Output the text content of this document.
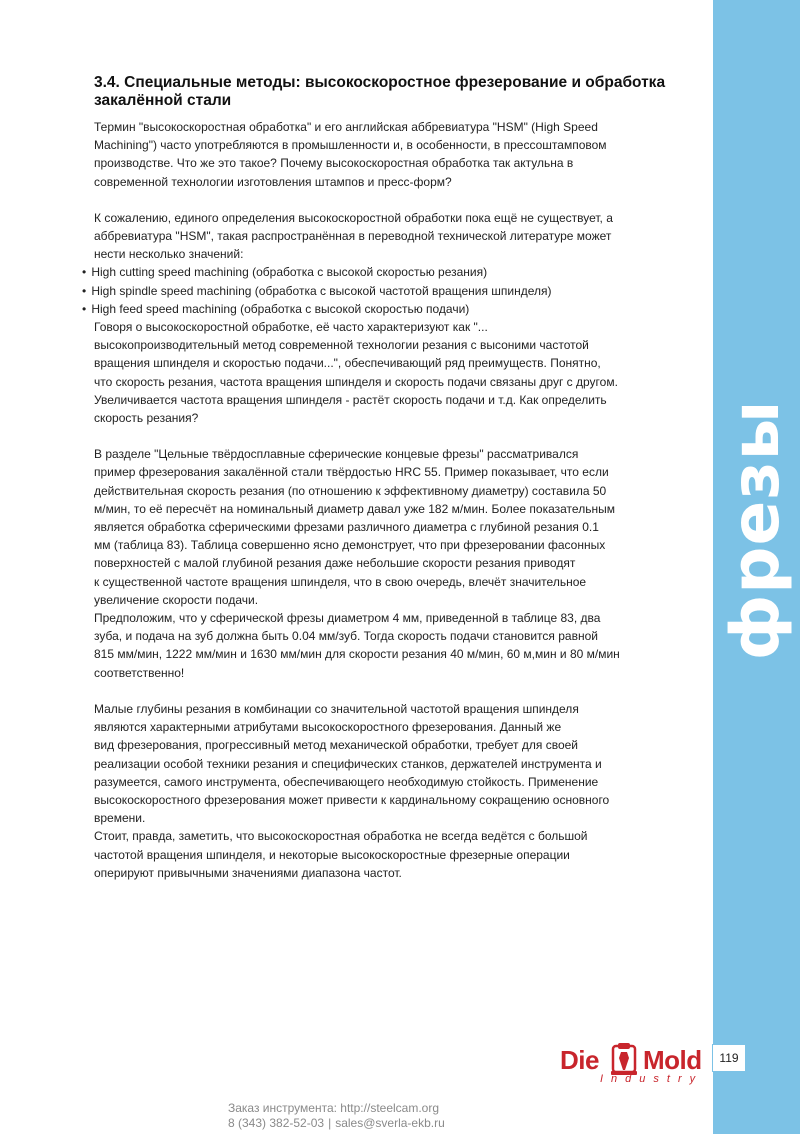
фрезы
3.4. Специальные методы: высокоскоростное фрезерование и обработка закалённой стали
Термин "высокоскоростная обработка" и его английская аббревиатура "HSM" (High Speed
Machining") часто употребляются в промышленности и, в особенности, в прессоштамповом
производстве. Что же это такое? Почему высокоскоростная обработка так актульна в
современной технологии изготовления штампов и пресс-форм?
К сожалению, единого определения высокоскоростной обработки пока ещё не существует, а
аббревиатура "HSM", такая распространённая в переводной технической литературе может
нести несколько значений:
• High cutting speed machining (обработка с высокой скоростью резания)
• High spindle speed machining (обработка с высокой частотой вращения шпинделя)
• High feed speed machining (обработка с высокой скоростью подачи)
Говоря о высокоскоростной обработке, её часто характеризуют как "...
высокопроизводительный метод современной технологии резания с высоними частотой
вращения шпинделя и скоростью подачи...", обеспечивающий ряд преимуществ. Понятно,
что скорость резания, частота вращения шпинделя и скорость подачи связаны друг с другом.
Увеличивается частота вращения шпинделя - растёт скорость подачи и т.д. Как определить
скорость резания?
В разделе "Цельные твёрдосплавные сферические концевые фрезы" рассматривался
пример фрезерования закалённой стали твёрдостью HRC 55. Пример показывает, что если
действительная скорость резания (по отношению к эффективному диаметру) составила 50
м/мин, то её пересчёт на номинальный диаметр давал уже 182 м/мин. Более показательным
является обработка сферическими фрезами различного диаметра с глубиной резания 0.1
мм (таблица 83). Таблица совершенно ясно демонструет, что при фрезеровании фасонных
поверхностей с малой глубиной резания даже небольшие скорости резания приводят
к существенной частоте вращения шпинделя, что в свою очередь, влечёт значительное
увеличение скорости подачи.
Предположим, что у сферической фрезы диаметром 4 мм, приведенной в таблице 83, два
зуба, и подача на зуб должна быть 0.04 мм/зуб. Тогда скорость подачи становится равной
815 мм/мин, 1222 мм/мин и 1630 мм/мин для скорости резания 40 м/мин, 60 м,мин и 80 м/мин
соответственно!
Малые глубины резания в комбинации со значительной частотой вращения шпинделя
являются характерными атрибутами высокоскоростного фрезерования. Данный же
вид фрезерования, прогрессивный метод механической обработки, требует для своей
реализации особой техники резания и специфических станков, держателей инструмента и
разумеется, самого инструмента, обеспечивающего необходимую стойкость. Применение
высокоскоростного фрезерования может привести к кардинальному сокращению основного
времени.
Стоит, правда, заметить, что высокоскоростная обработка не всегда ведётся с большой
частотой вращения шпинделя, и некоторые высокоскоростные фрезерные операции
оперируют привычными значениями диапазона частот.
Die Mold
Industry
119
Заказ инструмента: http://steelcam.org
8 (343) 382-52-03 | sales@sverla-ekb.ru
